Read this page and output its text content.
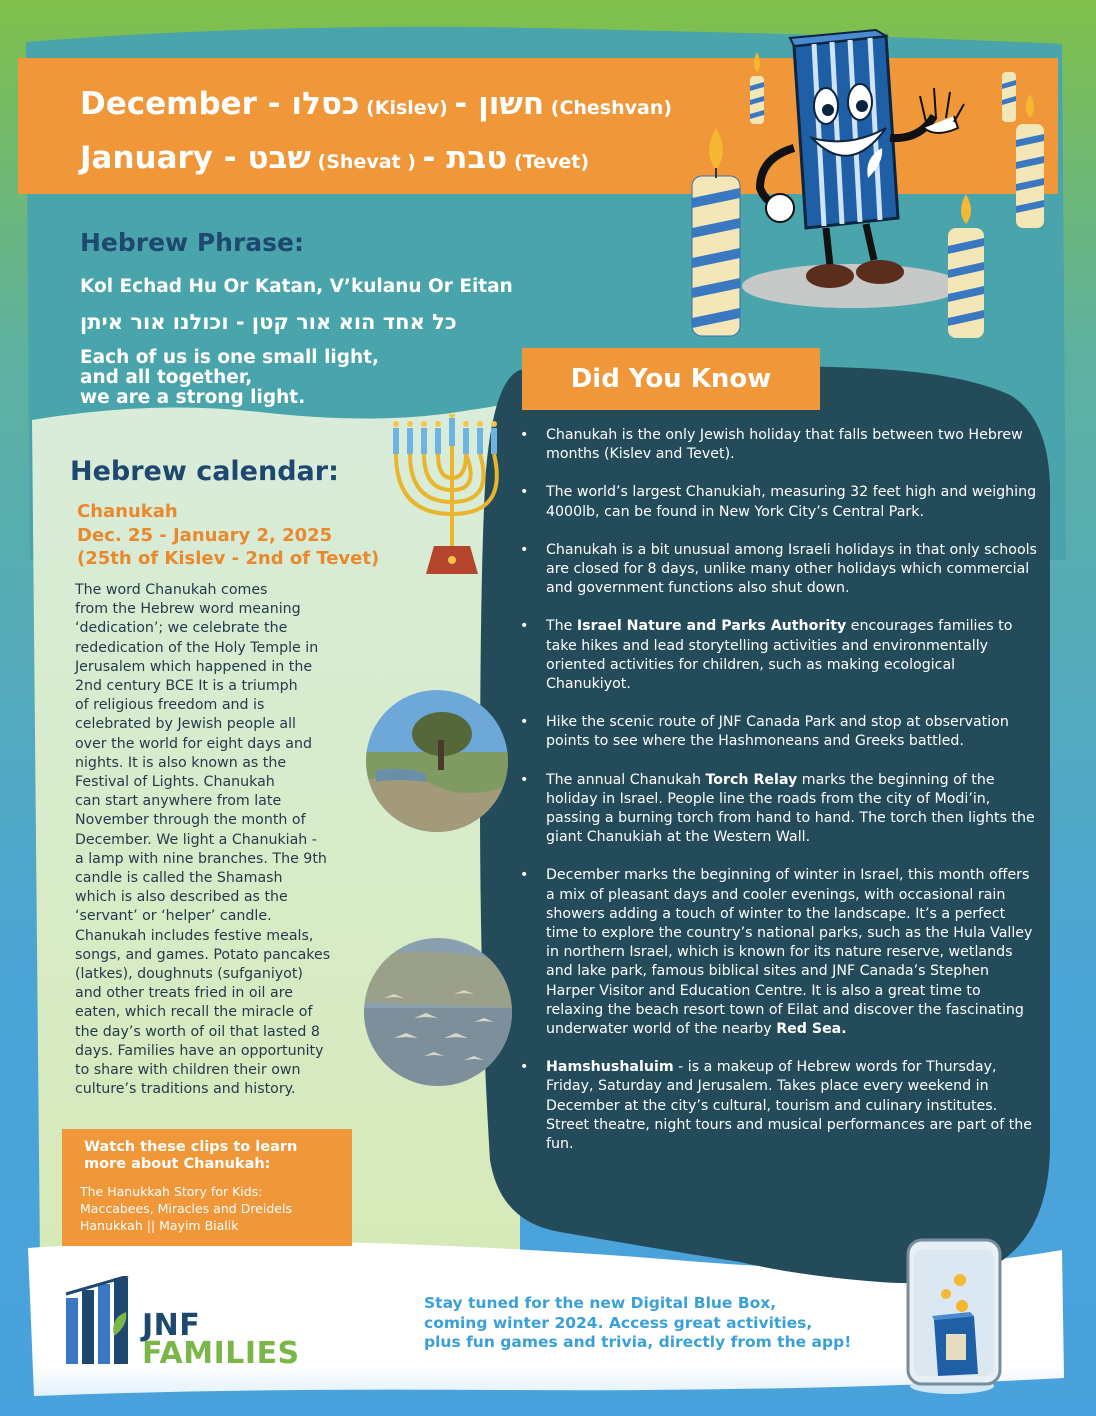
December - כסלו (Kislev) - חשון (Cheshvan)
January - שבט (Shevat ) - טבת (Tevet)
Hebrew Phrase:
Kol Echad Hu Or Katan, V’kulanu Or Eitan
כל אחד הוא אור קטן - וכולנו אור איתן
Each of us is one small light,
and all together,
we are a strong light.
Hebrew calendar:
Chanukah
Dec. 25 - January 2, 2025
(25th of Kislev - 2nd of Tevet)
The word Chanukah comes
from the Hebrew word meaning
‘dedication’; we celebrate the
rededication of the Holy Temple in
Jerusalem which happened in the
2nd century BCE It is a triumph
of religious freedom and is
celebrated by Jewish people all
over the world for eight days and
nights. It is also known as the
Festival of Lights. Chanukah
can start anywhere from late
November through the month of
December. We light a Chanukiah -
a lamp with nine branches. The 9th
candle is called the Shamash
which is also described as the
‘servant’ or ‘helper’ candle.
Chanukah includes festive meals,
songs, and games. Potato pancakes
(latkes), doughnuts (sufganiyot)
and other treats fried in oil are
eaten, which recall the miracle of
the day’s worth of oil that lasted 8
days. Families have an opportunity
to share with children their own
culture’s traditions and history.
Watch these clips to learn
more about Chanukah:
The Hanukkah Story for Kids:
Maccabees, Miracles and Dreidels
Hanukkah || Mayim Bialik
Did You Know
• Chanukah is the only Jewish holiday that falls between two Hebrew months (Kislev and Tevet).
• The world’s largest Chanukiah, measuring 32 feet high and weighing 4000lb, can be found in New York City’s Central Park.
• Chanukah is a bit unusual among Israeli holidays in that only schools are closed for 8 days, unlike many other holidays which commercial and government functions also shut down.
• The Israel Nature and Parks Authority encourages families to take hikes and lead storytelling activities and environmentally oriented activities for children, such as making ecological Chanukiyot.
• Hike the scenic route of JNF Canada Park and stop at observation points to see where the Hashmoneans and Greeks battled.
• The annual Chanukah Torch Relay marks the beginning of the holiday in Israel. People line the roads from the city of Modi’in, passing a burning torch from hand to hand. The torch then lights the giant Chanukiah at the Western Wall.
• December marks the beginning of winter in Israel, this month offers a mix of pleasant days and cooler evenings, with occasional rain showers adding a touch of winter to the landscape. It’s a perfect time to explore the country’s national parks, such as the Hula Valley in northern Israel, which is known for its nature reserve, wetlands and lake park, famous biblical sites and JNF Canada’s Stephen Harper Visitor and Education Centre. It is also a great time to relaxing the beach resort town of Eilat and discover the fascinating underwater world of the nearby Red Sea.
• Hamshushaluim - is a makeup of Hebrew words for Thursday, Friday, Saturday and Jerusalem. Takes place every weekend in December at the city’s cultural, tourism and culinary institutes. Street theatre, night tours and musical performances are part of the fun.
JNF
FAMILIES
Stay tuned for the new Digital Blue Box,
coming winter 2024. Access great activities,
plus fun games and trivia, directly from the app!
